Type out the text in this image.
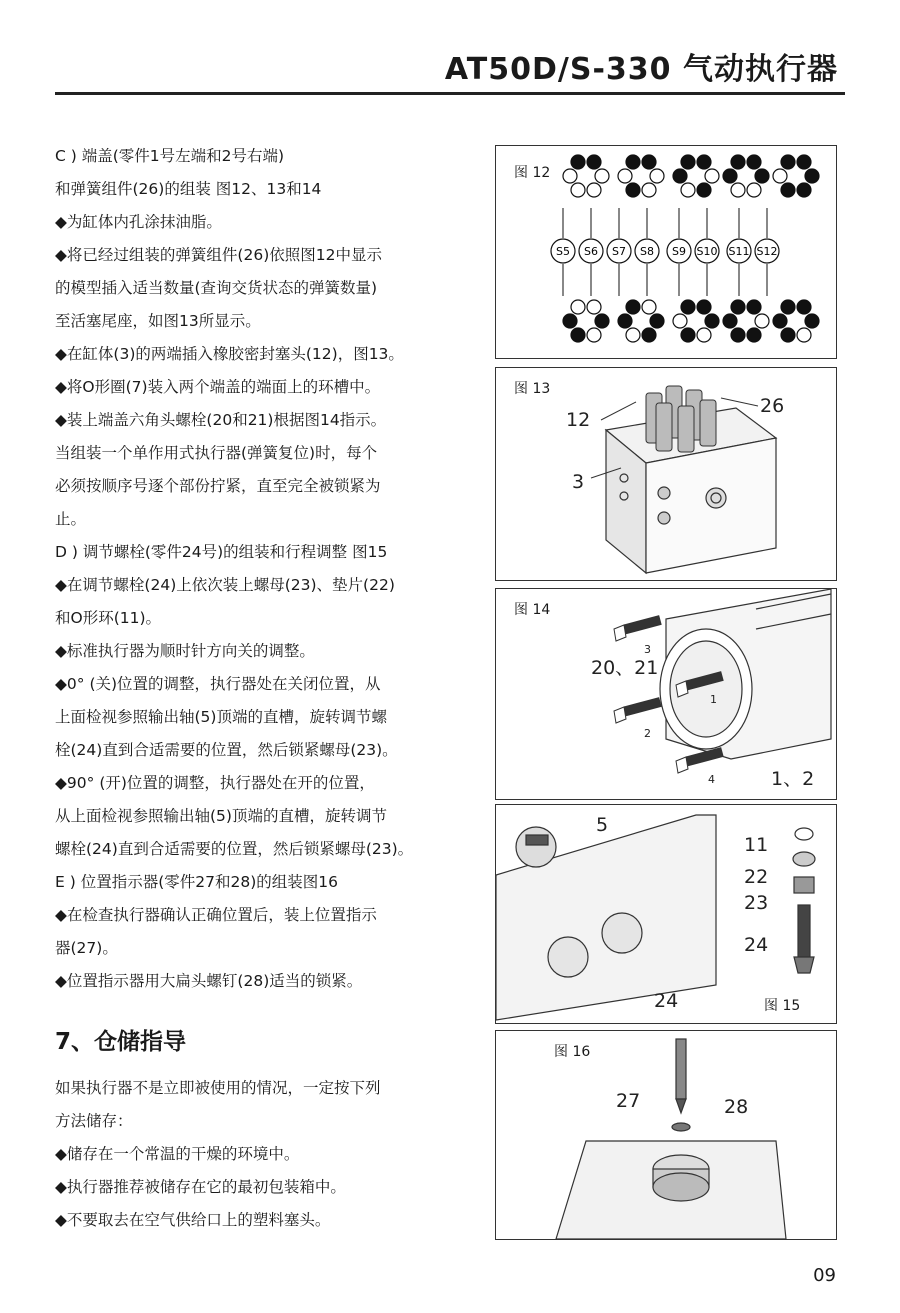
AT50D/S-330 气动执行器

C ) 端盖(零件1号左端和2号右端)

和弹簧组件(26)的组装 图12、13和14

◆为缸体内孔涂抹油脂。

◆将已经过组装的弹簧组件(26)依照图12中显示

的模型插入适当数量(查询交货状态的弹簧数量)

至活塞尾座，如图13所显示。

◆在缸体(3)的两端插入橡胶密封塞头(12)，图13。

◆将O形圈(7)装入两个端盖的端面上的环槽中。

◆装上端盖六角头螺栓(20和21)根据图14指示。

当组装一个单作用式执行器(弹簧复位)时，每个

必须按顺序号逐个部份拧紧，直至完全被锁紧为

止。

D ) 调节螺栓(零件24号)的组装和行程调整 图15

◆在调节螺栓(24)上依次装上螺母(23)、垫片(22)

和O形环(11)。

◆标准执行器为顺时针方向关的调整。

◆0° (关)位置的调整，执行器处在关闭位置，从

上面检视参照输出轴(5)顶端的直槽，旋转调节螺

栓(24)直到合适需要的位置，然后锁紧螺母(23)。

◆90° (开)位置的调整，执行器处在开的位置，

从上面检视参照输出轴(5)顶端的直槽，旋转调节

螺栓(24)直到合适需要的位置，然后锁紧螺母(23)。

E ) 位置指示器(零件27和28)的组装图16

◆在检查执行器确认正确位置后，装上位置指示

器(27)。

◆位置指示器用大扁头螺钉(28)适当的锁紧。

7、仓储指导

如果执行器不是立即被使用的情况，一定按下列

方法储存：

◆储存在一个常温的干燥的环境中。

◆执行器推荐被储存在它的最初包装箱中。

◆不要取去在空气供给口上的塑料塞头。

图 12
S5 S6 S7 S8 S9 S10 S11 S12
图 13
12
26
3
图 14
3
1
2
4
20、21
1、2
5
11
22
23
24
24	图 15
图 16
27	28
09
